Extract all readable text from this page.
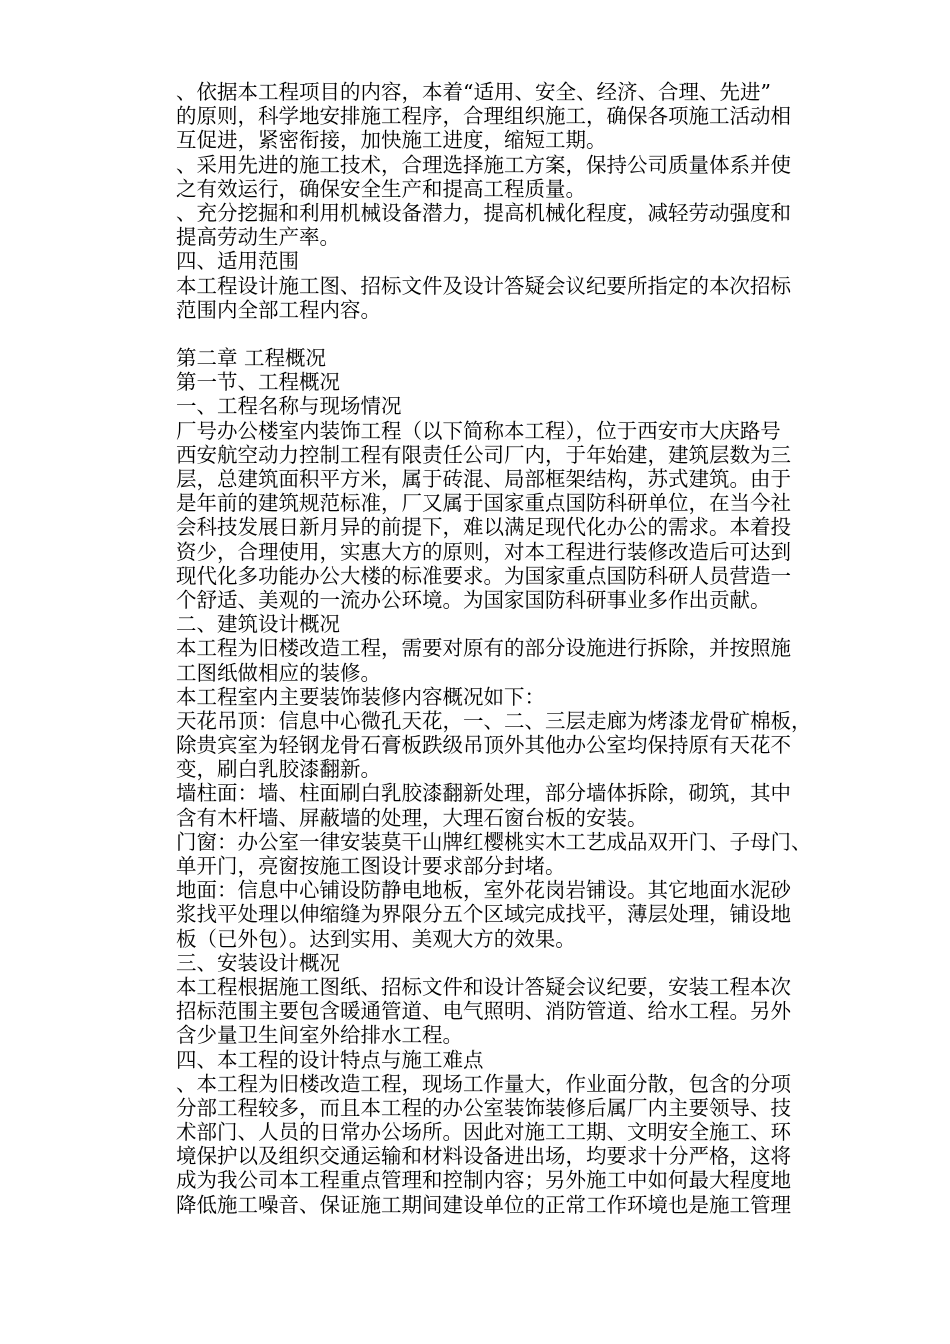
、依据本工程项目的内容，本着“适用、安全、经济、合理、先进”
的原则，科学地安排施工程序，合理组织施工，确保各项施工活动相
互促进，紧密衔接，加快施工进度，缩短工期。
、采用先进的施工技术，合理选择施工方案，保持公司质量体系并使
之有效运行，确保安全生产和提高工程质量。
、充分挖掘和利用机械设备潜力，提高机械化程度，减轻劳动强度和
提高劳动生产率。
四、适用范围
本工程设计施工图、招标文件及设计答疑会议纪要所指定的本次招标
范围内全部工程内容。
第二章 工程概况
第一节、工程概况
一、工程名称与现场情况
厂号办公楼室内装饰工程（以下简称本工程），位于西安市大庆路号
西安航空动力控制工程有限责任公司厂内，于年始建，建筑层数为三
层，总建筑面积平方米，属于砖混、局部框架结构，苏式建筑。由于
是年前的建筑规范标准，厂又属于国家重点国防科研单位，在当今社
会科技发展日新月异的前提下，难以满足现代化办公的需求。本着投
资少，合理使用，实惠大方的原则，对本工程进行装修改造后可达到
现代化多功能办公大楼的标准要求。为国家重点国防科研人员营造一
个舒适、美观的一流办公环境。为国家国防科研事业多作出贡献。
二、建筑设计概况
本工程为旧楼改造工程，需要对原有的部分设施进行拆除，并按照施
工图纸做相应的装修。
本工程室内主要装饰装修内容概况如下：
天花吊顶：信息中心微孔天花，一、二、三层走廊为烤漆龙骨矿棉板，
除贵宾室为轻钢龙骨石膏板跌级吊顶外其他办公室均保持原有天花不
变，刷白乳胶漆翻新。
墙柱面：墙、柱面刷白乳胶漆翻新处理，部分墙体拆除，砌筑，其中
含有木杆墙、屏蔽墙的处理，大理石窗台板的安装。
门窗：办公室一律安装莫干山牌红樱桃实木工艺成品双开门、子母门、
单开门，亮窗按施工图设计要求部分封堵。
地面：信息中心铺设防静电地板，室外花岗岩铺设。其它地面水泥砂
浆找平处理以伸缩缝为界限分五个区域完成找平，薄层处理，铺设地
板（已外包）。达到实用、美观大方的效果。
三、安装设计概况
本工程根据施工图纸、招标文件和设计答疑会议纪要，安装工程本次
招标范围主要包含暖通管道、电气照明、消防管道、给水工程。另外
含少量卫生间室外给排水工程。
四、本工程的设计特点与施工难点
、本工程为旧楼改造工程，现场工作量大，作业面分散，包含的分项
分部工程较多，而且本工程的办公室装饰装修后属厂内主要领导、技
术部门、人员的日常办公场所。因此对施工工期、文明安全施工、环
境保护以及组织交通运输和材料设备进出场，均要求十分严格，这将
成为我公司本工程重点管理和控制内容；另外施工中如何最大程度地
降低施工噪音、保证施工期间建设单位的正常工作环境也是施工管理
